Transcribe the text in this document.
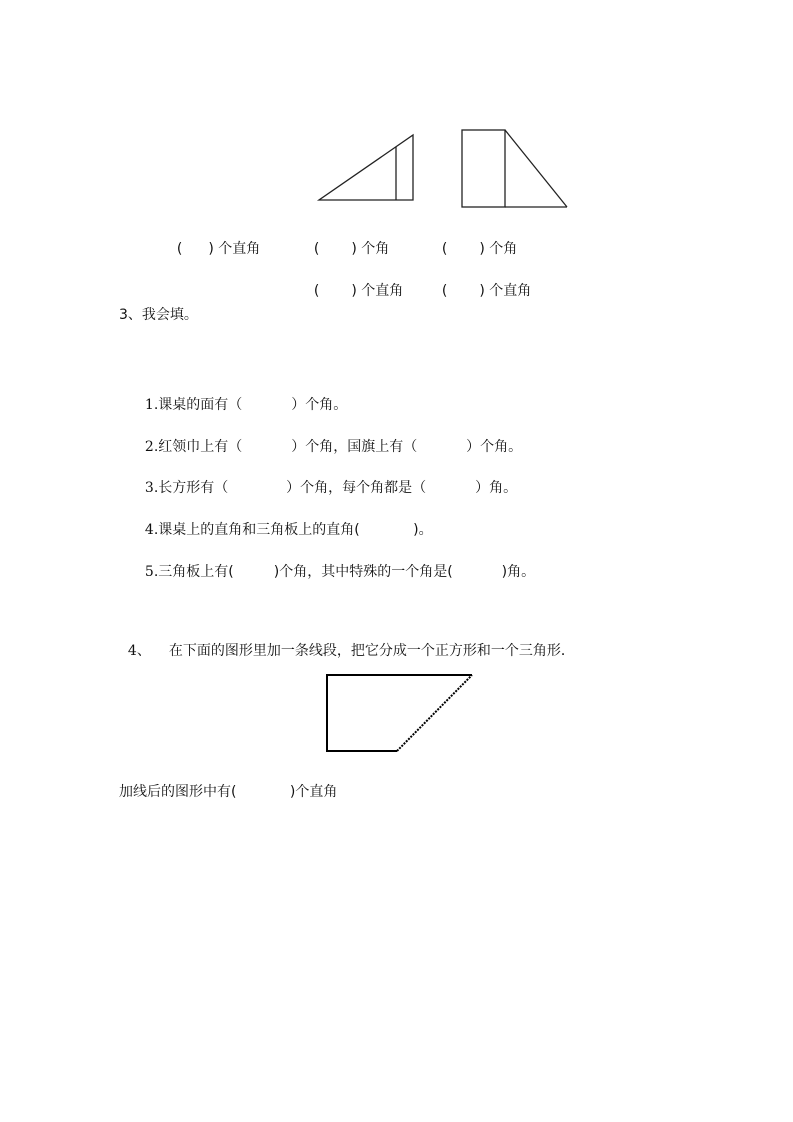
( ) 个直角	( ) 个角	( ) 个角

( ) 个直角	( ) 个直角

3、我会填。

1.课桌的面有（           ）个角。

2.红领巾上有（           ）个角，国旗上有（           ）个角。

3.长方形有（             ）个角，每个角都是（           ）角。

4.课桌上的直角和三角板上的直角(            )。

5.三角板上有(         )个角，其中特殊的一个角是(           )角。

4、 在下面的图形里加一条线段，把它分成一个正方形和一个三角形．

加线后的图形中有(            )个直角
